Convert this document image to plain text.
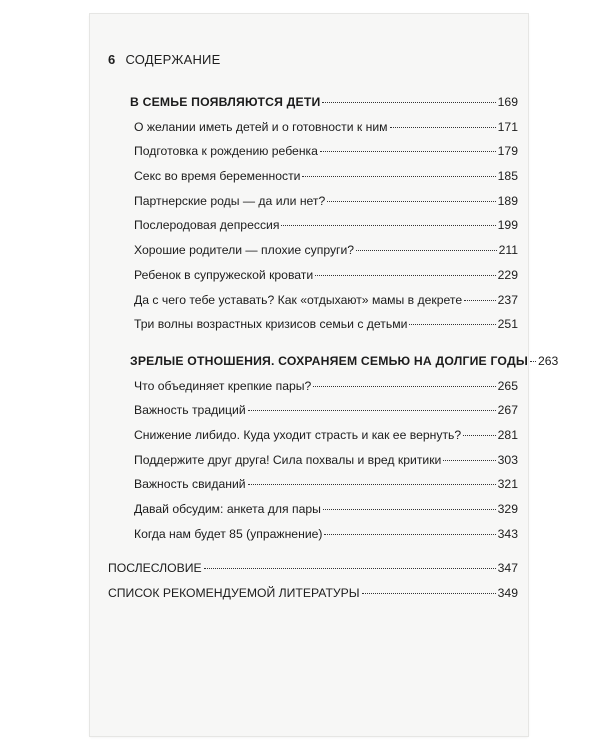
6 СОДЕРЖАНИЕ
В СЕМЬЕ ПОЯВЛЯЮТСЯ ДЕТИ	169
О желании иметь детей и о готовности к ним	171
Подготовка к рождению ребенка	179
Секс во время беременности	185
Партнерские роды — да или нет?	189
Послеродовая депрессия	199
Хорошие родители — плохие супруги?	211
Ребенок в супружеской кровати	229
Да с чего тебе уставать? Как «отдыхают» мамы в декрете	237
Три волны возрастных кризисов семьи с детьми	251
ЗРЕЛЫЕ ОТНОШЕНИЯ. СОХРАНЯЕМ СЕМЬЮ НА ДОЛГИЕ ГОДЫ 263
Что объединяет крепкие пары?	265
Важность традиций	267
Снижение либидо. Куда уходит страсть и как ее вернуть?	281
Поддержите друг друга! Сила похвалы и вред критики	303
Важность свиданий	321
Давай обсудим: анкета для пары	329
Когда нам будет 85 (упражнение)	343
ПОСЛЕСЛОВИЕ	347
СПИСОК РЕКОМЕНДУЕМОЙ ЛИТЕРАТУРЫ	349
